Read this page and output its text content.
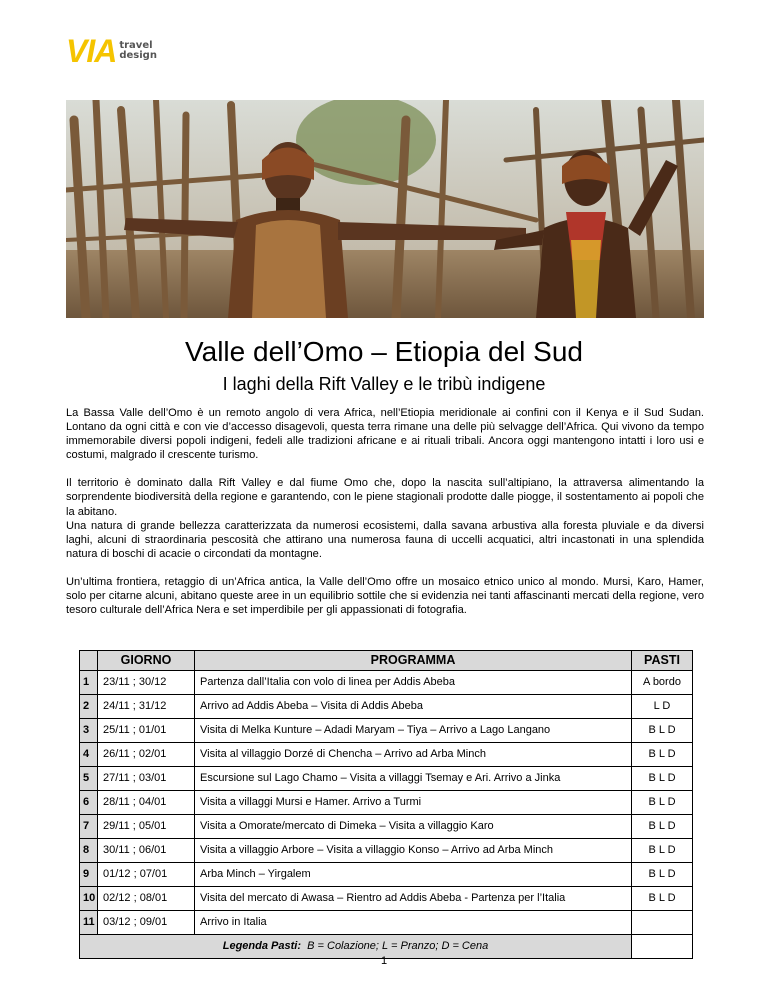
VIA travel
design
Valle dell’Omo – Etiopia del Sud
I laghi della Rift Valley e le tribù indigene

La Bassa Valle dell’Omo è un remoto angolo di vera Africa, nell’Etiopia meridionale ai confini con il Kenya e il Sud Sudan. Lontano da ogni città e con vie d’accesso disagevoli, questa terra rimane una delle più selvagge dell’Africa. Qui vivono da tempo immemorabile diversi popoli indigeni, fedeli alle tradizioni africane e ai rituali tribali. Ancora oggi mantengono intatti i loro usi e costumi, malgrado il crescente turismo.

Il territorio è dominato dalla Rift Valley e dal fiume Omo che, dopo la nascita sull’altipiano, la attraversa alimentando la sorprendente biodiversità della regione e garantendo, con le piene stagionali prodotte dalle piogge, il sostentamento ai popoli che la abitano.

Una natura di grande bellezza caratterizzata da numerosi ecosistemi, dalla savana arbustiva alla foresta pluviale e da diversi laghi, alcuni di straordinaria pescosità che attirano una numerosa fauna di uccelli acquatici, altri incastonati in una splendida natura di boschi di acacie o circondati da montagne.

Un’ultima frontiera, retaggio di un’Africa antica, la Valle dell’Omo offre un mosaico etnico unico al mondo. Mursi, Karo, Hamer, solo per citarne alcuni, abitano queste aree in un equilibrio sottile che si evidenzia nei tanti affascinanti mercati della regione, vero tesoro culturale dell’Africa Nera e set imperdibile per gli appassionati di fotografia.

	GIORNO	PROGRAMMA	PASTI
1	23/11 ; 30/12	Partenza dall’Italia con volo di linea per Addis Abeba	A bordo
2	24/11 ; 31/12	Arrivo ad Addis Abeba – Visita di Addis Abeba	L D
3	25/11 ; 01/01	Visita di Melka Kunture – Adadi Maryam – Tiya – Arrivo a Lago Langano	B L D
4	26/11 ; 02/01	Visita al villaggio Dorzé di Chencha – Arrivo ad Arba Minch	B L D
5	27/11 ; 03/01	Escursione sul Lago Chamo – Visita a villaggi Tsemay e Ari. Arrivo a Jinka	B L D
6	28/11 ; 04/01	Visita a villaggi Mursi e Hamer. Arrivo a Turmi	B L D
7	29/11 ; 05/01	Visita a Omorate/mercato di Dimeka – Visita a villaggio Karo	B L D
8	30/11 ; 06/01	Visita a villaggio Arbore – Visita a villaggio Konso – Arrivo ad Arba Minch	B L D
9	01/12 ; 07/01	Arba Minch – Yirgalem	B L D
10	02/12 ; 08/01	Visita del mercato di Awasa – Rientro ad Addis Abeba - Partenza per l’Italia	B L D
11	03/12 ; 09/01	Arrivo in Italia	
Legenda Pasti: B = Colazione; L = Pranzo; D = Cena			
1
